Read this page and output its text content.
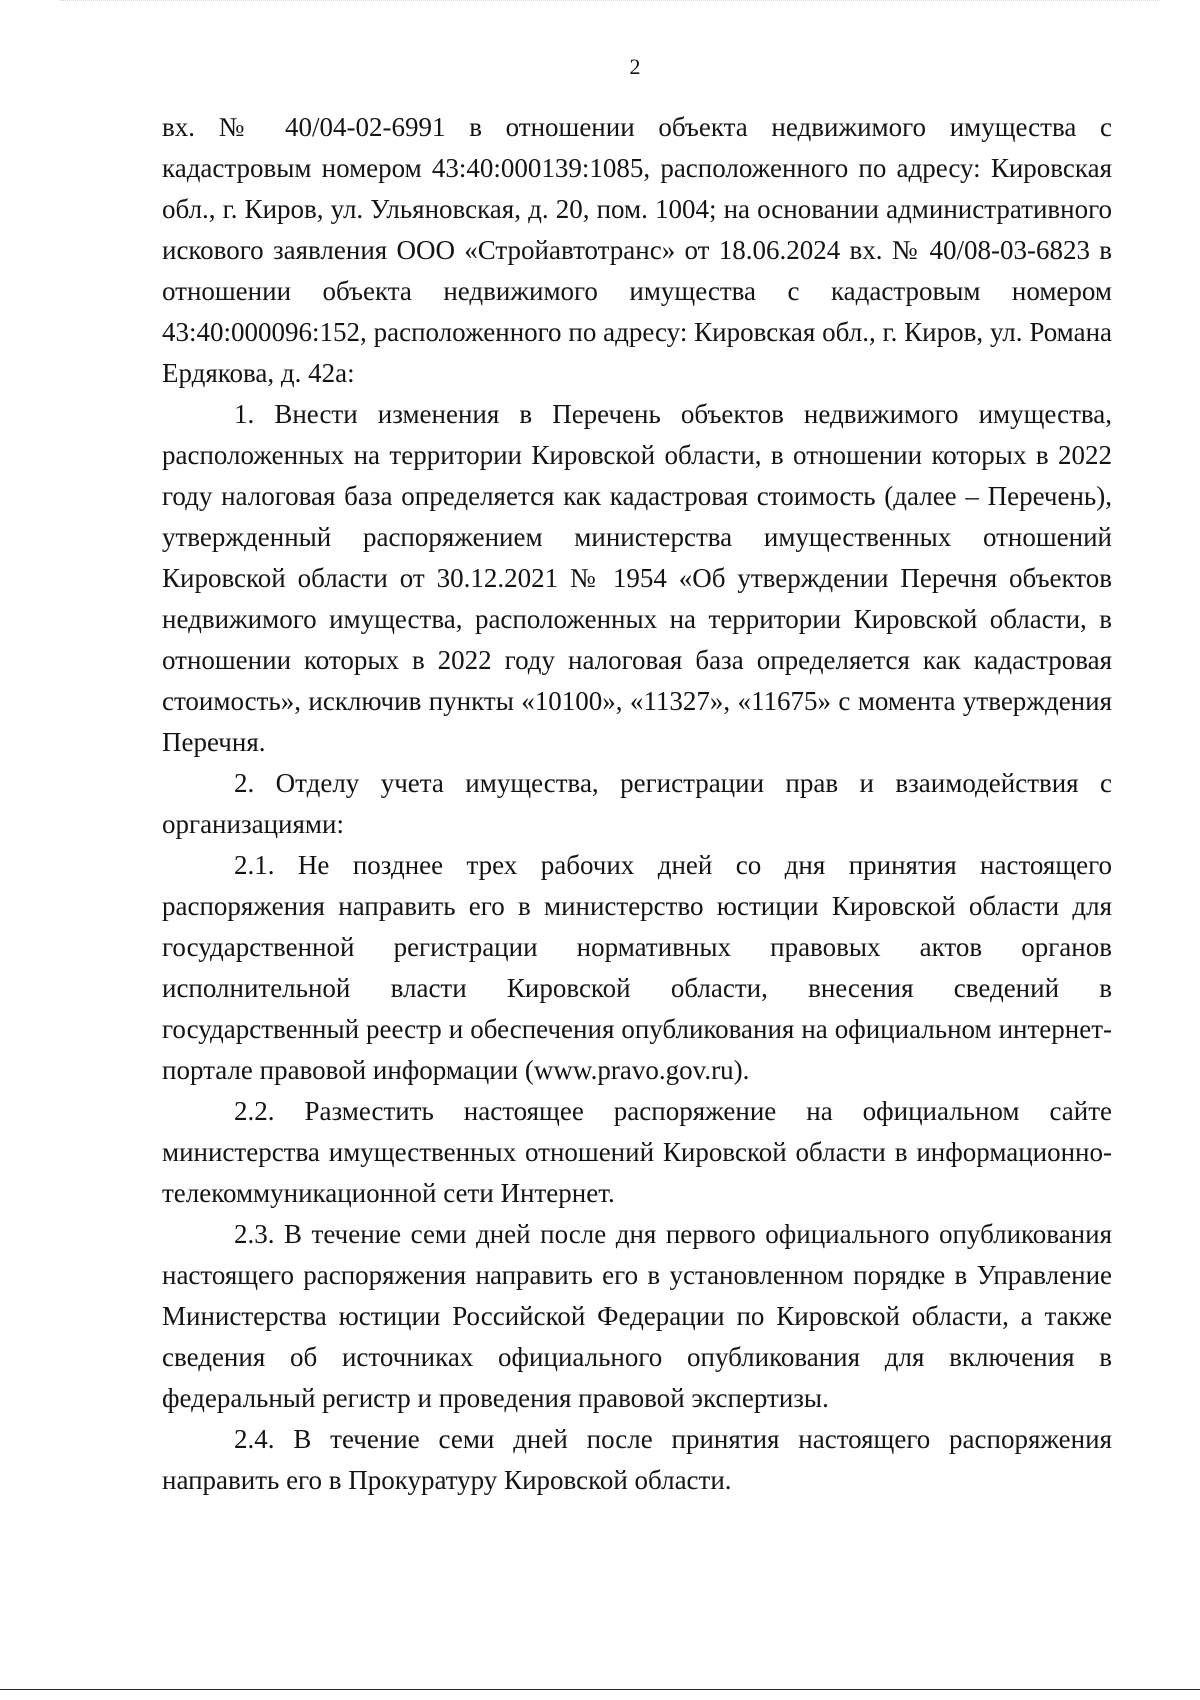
2

вх. № 40/04-02-6991 в отношении объекта недвижимого имущества с кадастровым номером 43:40:000139:1085, расположенного по адресу: Кировская обл., г. Киров, ул. Ульяновская, д. 20, пом. 1004; на основании административного искового заявления ООО «Стройавтотранс» от 18.06.2024 вх. № 40/08-03-6823 в отношении объекта недвижимого имущества с кадастровым номером 43:40:000096:152, расположенного по адресу: Кировская обл., г. Киров, ул. Романа Ердякова, д. 42а:

1. Внести изменения в Перечень объектов недвижимого имущества, расположенных на территории Кировской области, в отношении которых в 2022 году налоговая база определяется как кадастровая стоимость (далее – Перечень), утвержденный распоряжением министерства имущественных отношений Кировской области от 30.12.2021 № 1954 «Об утверждении Перечня объектов недвижимого имущества, расположенных на территории Кировской области, в отношении которых в 2022 году налоговая база определяется как кадастровая стоимость», исключив пункты «10100», «11327», «11675» с момента утверждения Перечня.

2. Отделу учета имущества, регистрации прав и взаимодействия с организациями:

2.1. Не позднее трех рабочих дней со дня принятия настоящего распоряжения направить его в министерство юстиции Кировской области для государственной регистрации нормативных правовых актов органов исполнительной власти Кировской области, внесения сведений в государственный реестр и обеспечения опубликования на официальном интернет-портале правовой информации (www.pravo.gov.ru).

2.2. Разместить настоящее распоряжение на официальном сайте министерства имущественных отношений Кировской области в информационно-телекоммуникационной сети Интернет.

2.3. В течение семи дней после дня первого официального опубликования настоящего распоряжения направить его в установленном порядке в Управление Министерства юстиции Российской Федерации по Кировской области, а также сведения об источниках официального опубликования для включения в федеральный регистр и проведения правовой экспертизы.

2.4. В течение семи дней после принятия настоящего распоряжения направить его в Прокуратуру Кировской области.
